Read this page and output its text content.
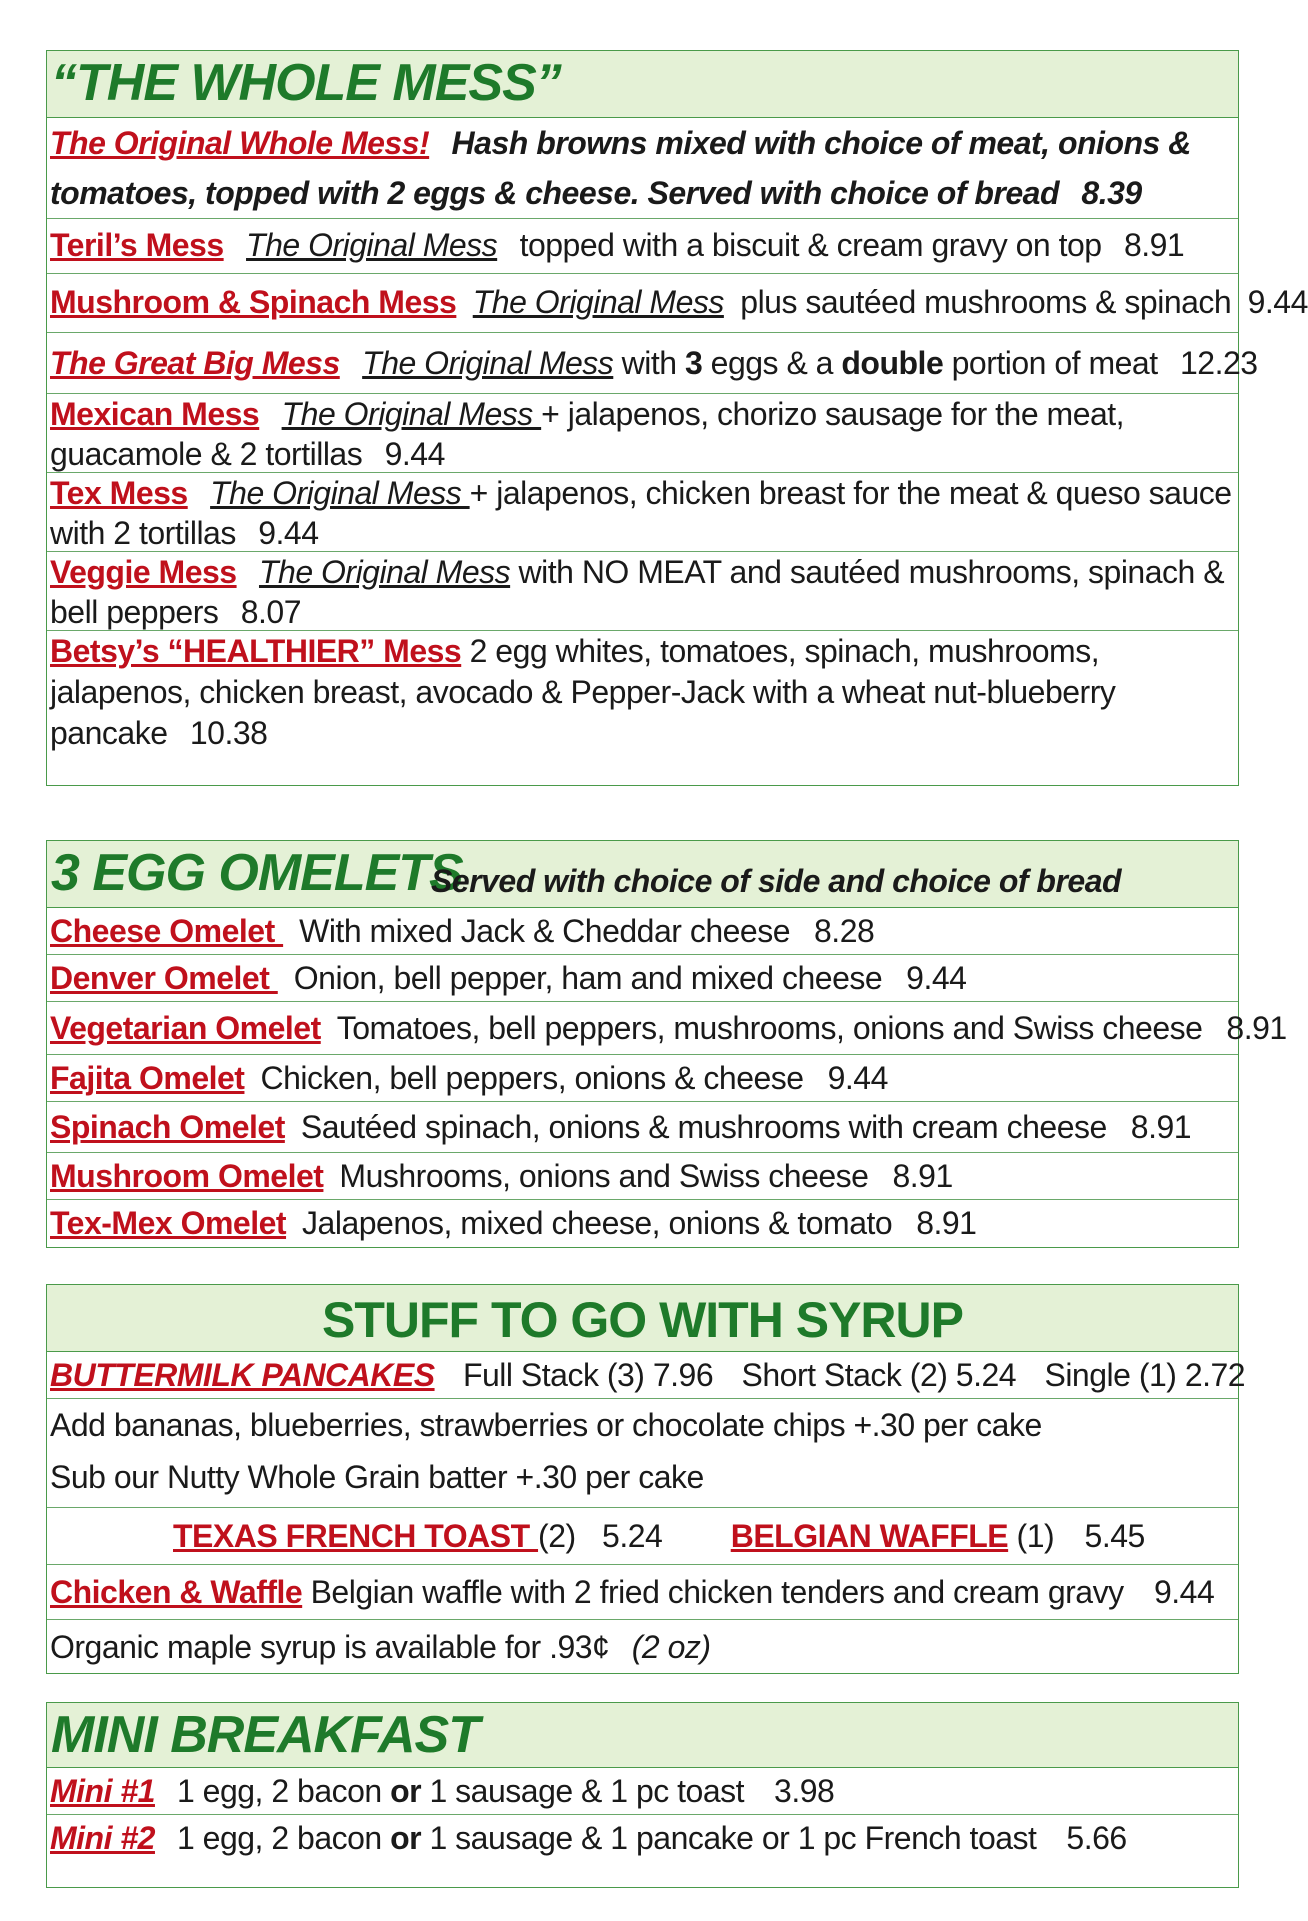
“THE WHOLE MESS”
The Original Whole Mess! Hash browns mixed with choice of meat, onions & tomatoes, topped with 2 eggs & cheese. Served with choice of bread 8.39
Teril’s Mess The Original Mess topped with a biscuit & cream gravy on top 8.91
Mushroom & Spinach Mess The Original Mess plus sautéed mushrooms & spinach 9.44
The Great Big Mess The Original Mess with 3 eggs & a double portion of meat 12.23
Mexican Mess The Original Mess + jalapenos, chorizo sausage for the meat, guacamole & 2 tortillas 9.44
Tex Mess The Original Mess + jalapenos, chicken breast for the meat & queso sauce with 2 tortillas 9.44
Veggie Mess The Original Mess with NO MEAT and sautéed mushrooms, spinach & bell peppers 8.07
Betsy’s “HEALTHIER” Mess 2 egg whites, tomatoes, spinach, mushrooms, jalapenos, chicken breast, avocado & Pepper-Jack with a wheat nut-blueberry pancake 10.38
3 EGG OMELETS
Served with choice of side and choice of bread
Cheese Omelet With mixed Jack & Cheddar cheese 8.28
Denver Omelet Onion, bell pepper, ham and mixed cheese 9.44
Vegetarian Omelet Tomatoes, bell peppers, mushrooms, onions and Swiss cheese 8.91
Fajita Omelet Chicken, bell peppers, onions & cheese 9.44
Spinach Omelet Sautéed spinach, onions & mushrooms with cream cheese 8.91
Mushroom Omelet Mushrooms, onions and Swiss cheese 8.91
Tex-Mex Omelet Jalapenos, mixed cheese, onions & tomato 8.91
STUFF TO GO WITH SYRUP
BUTTERMILK PANCAKES Full Stack (3) 7.96 Short Stack (2) 5.24 Single (1) 2.72
Add bananas, blueberries, strawberries or chocolate chips +.30 per cake
Sub our Nutty Whole Grain batter +.30 per cake
TEXAS FRENCH TOAST (2) 5.24 BELGIAN WAFFLE (1) 5.45
Chicken & Waffle Belgian waffle with 2 fried chicken tenders and cream gravy 9.44
Organic maple syrup is available for .93¢ (2 oz)
MINI BREAKFAST
Mini #1 1 egg, 2 bacon or 1 sausage & 1 pc toast 3.98
Mini #2 1 egg, 2 bacon or 1 sausage & 1 pancake or 1 pc French toast 5.66
